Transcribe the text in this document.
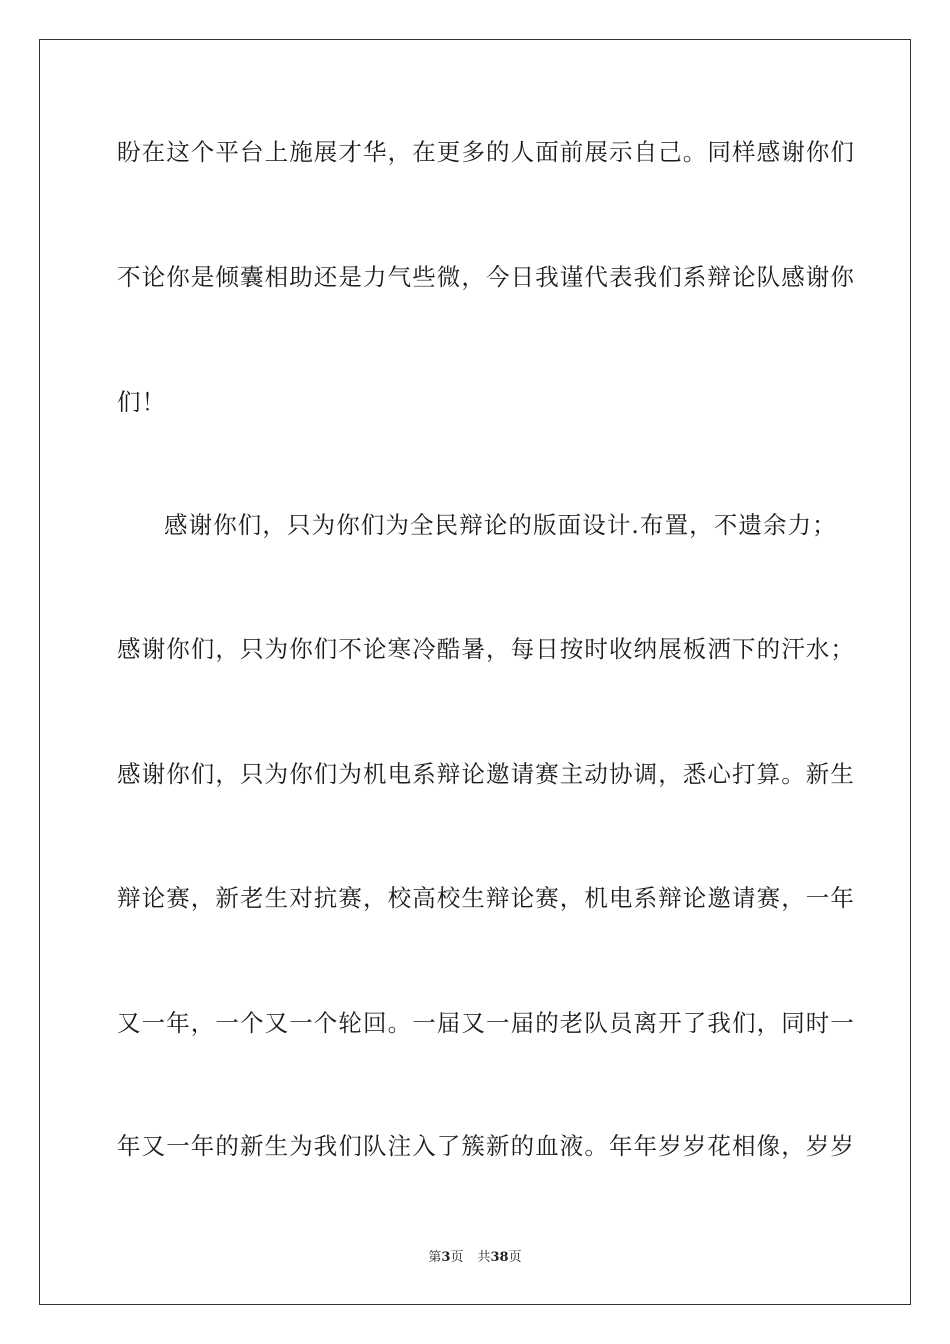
盼在这个平台上施展才华，在更多的人面前展示自己。同样感谢你们
不论你是倾囊相助还是力气些微，今日我谨代表我们系辩论队感谢你
们！
感谢你们，只为你们为全民辩论的版面设计.布置，不遗余力；
感谢你们，只为你们不论寒冷酷暑，每日按时收纳展板洒下的汗水；
感谢你们，只为你们为机电系辩论邀请赛主动协调，悉心打算。新生
辩论赛，新老生对抗赛，校高校生辩论赛，机电系辩论邀请赛，一年
又一年，一个又一个轮回。一届又一届的老队员离开了我们，同时一
年又一年的新生为我们队注入了簇新的血液。年年岁岁花相像，岁岁
第3页 共38页
